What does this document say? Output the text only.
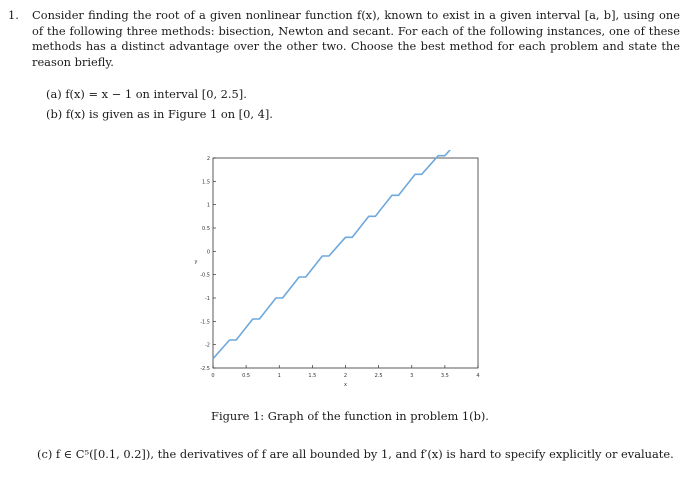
1. Consider finding the root of a given nonlinear function f(x), known to exist in a given interval [a, b], using one of the following three methods: bisection, Newton and secant. For each of the following instances, one of these methods has a distinct advantage over the other two. Choose the best method for each problem and state the reason briefly.
(a) f(x) = x − 1 on interval [0, 2.5].
(b) f(x) is given as in Figure 1 on [0, 4].
0	0.5	1	1.5	2	2.5	3	3.5	4
-2.5
-2
-1.5
-1
-0.5
0
0.5
1
1.5
2
x
y
Figure 1: Graph of the function in problem 1(b).
(c) f ∈ C⁵([0.1, 0.2]), the derivatives of f are all bounded by 1, and f′(x) is hard to specify explicitly or evaluate.
